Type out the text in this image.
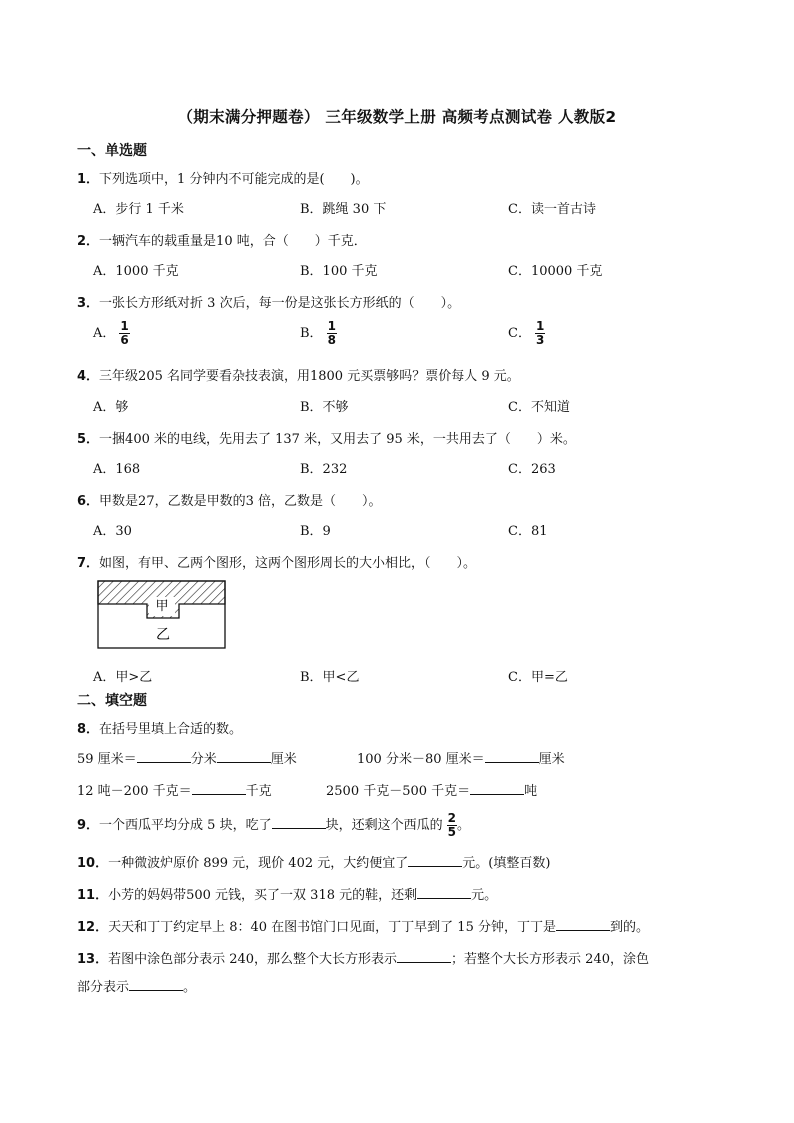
（期末满分押题卷） 三年级数学上册 高频考点测试卷 人教版2
一、单选题
1．下列选项中，1 分钟内不可能完成的是(　　)。
A．步行 1 千米	B．跳绳 30 下	C．读一首古诗
2．一辆汽车的载重量是10 吨，合（　　）千克．
A．1000 千克	B．100 千克	C．10000 千克
3．一张长方形纸对折 3 次后，每一份是这张长方形纸的（　　）。
A． $\frac{1}{6}$	B． $\frac{1}{8}$	C． $\frac{1}{3}$
4．三年级205 名同学要看杂技表演，用1800 元买票够吗？票价每人 9 元。
A．够	B．不够	C．不知道
5．一捆400 米的电线，先用去了 137 米，又用去了 95 米，一共用去了（　　）米。
A．168	B．232	C．263
6．甲数是27，乙数是甲数的3 倍，乙数是（　　）。
A．30	B．9	C．81
7．如图，有甲、乙两个图形，这两个图形周长的大小相比，（　　）。
甲
乙
A．甲>乙	B．甲<乙	C．甲=乙
二、填空题
8．在括号里填上合适的数。
59 厘米＝	分米	厘米	100 分米－80 厘米＝	厘米
12 吨－200 千克＝	千克	2500 千克－500 千克＝	吨
9．一个西瓜平均分成 5 块，吃了	块，还剩这个西瓜的 $\frac{2}{5}$ 。
10．一种微波炉原价 899 元，现价 402 元，大约便宜了	元。(填整百数)
11．小芳的妈妈带500 元钱，买了一双 318 元的鞋，还剩	元。
12．天天和丁丁约定早上 8：40 在图书馆门口见面，丁丁早到了 15 分钟，丁丁是	到的。
13．若图中涂色部分表示 240，那么整个大长方形表示	；若整个大长方形表示 240，涂色
部分表示	。
